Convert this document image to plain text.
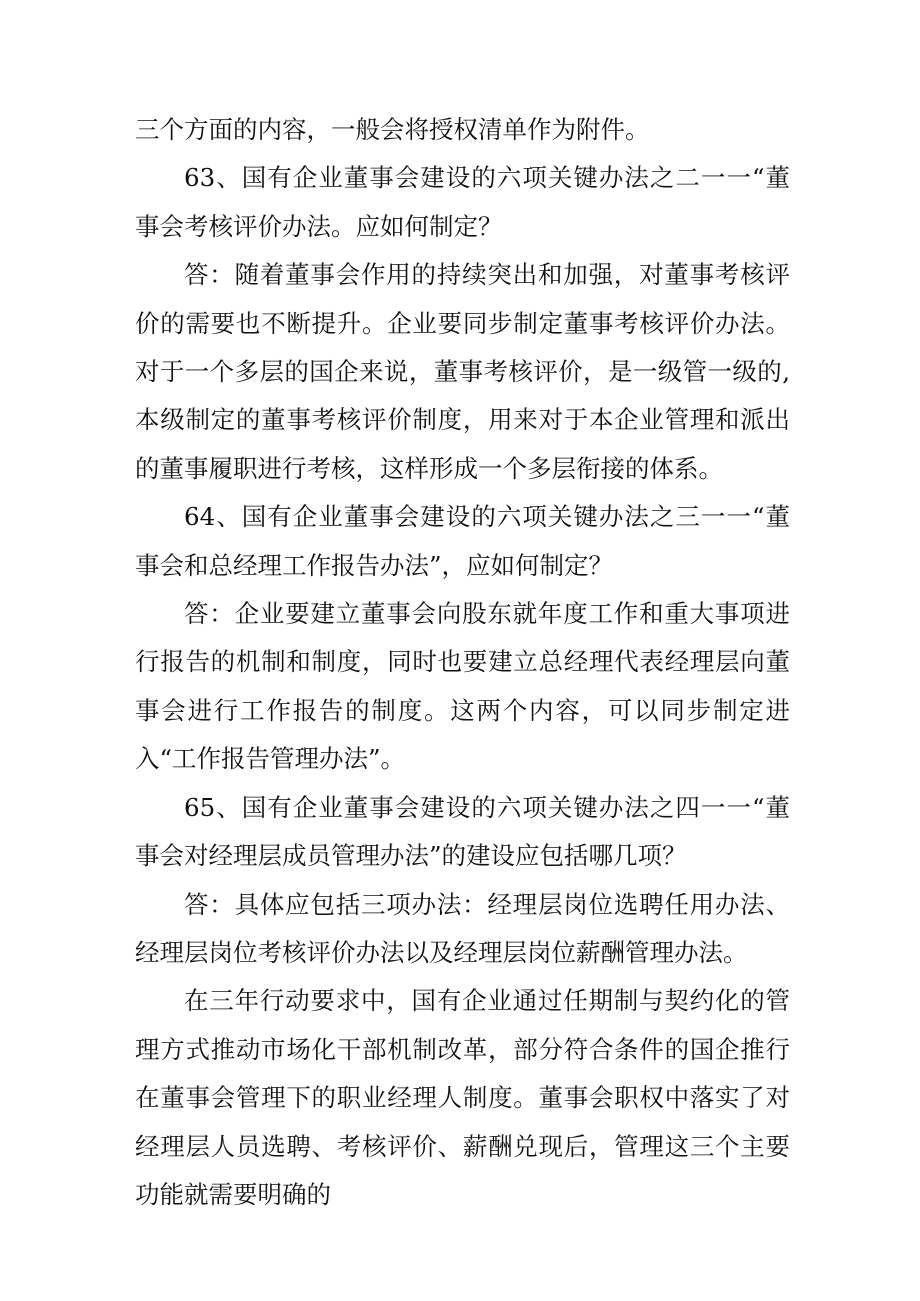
三个方面的内容，一般会将授权清单作为附件。

63、国有企业董事会建设的六项关键办法之二一一“董事会考核评价办法。应如何制定？

答：随着董事会作用的持续突出和加强，对董事考核评价的需要也不断提升。企业要同步制定董事考核评价办法。对于一个多层的国企来说，董事考核评价，是一级管一级的,本级制定的董事考核评价制度，用来对于本企业管理和派出的董事履职进行考核，这样形成一个多层衔接的体系。

64、国有企业董事会建设的六项关键办法之三一一“董事会和总经理工作报告办法”，应如何制定？

答：企业要建立董事会向股东就年度工作和重大事项进行报告的机制和制度，同时也要建立总经理代表经理层向董事会进行工作报告的制度。这两个内容，可以同步制定进入“工作报告管理办法”。

65、国有企业董事会建设的六项关键办法之四一一“董事会对经理层成员管理办法”的建设应包括哪几项？

答：具体应包括三项办法：经理层岗位选聘任用办法、经理层岗位考核评价办法以及经理层岗位薪酬管理办法。

在三年行动要求中，国有企业通过任期制与契约化的管理方式推动市场化干部机制改革，部分符合条件的国企推行在董事会管理下的职业经理人制度。董事会职权中落实了对经理层人员选聘、考核评价、薪酬兑现后，管理这三个主要功能就需要明确的
